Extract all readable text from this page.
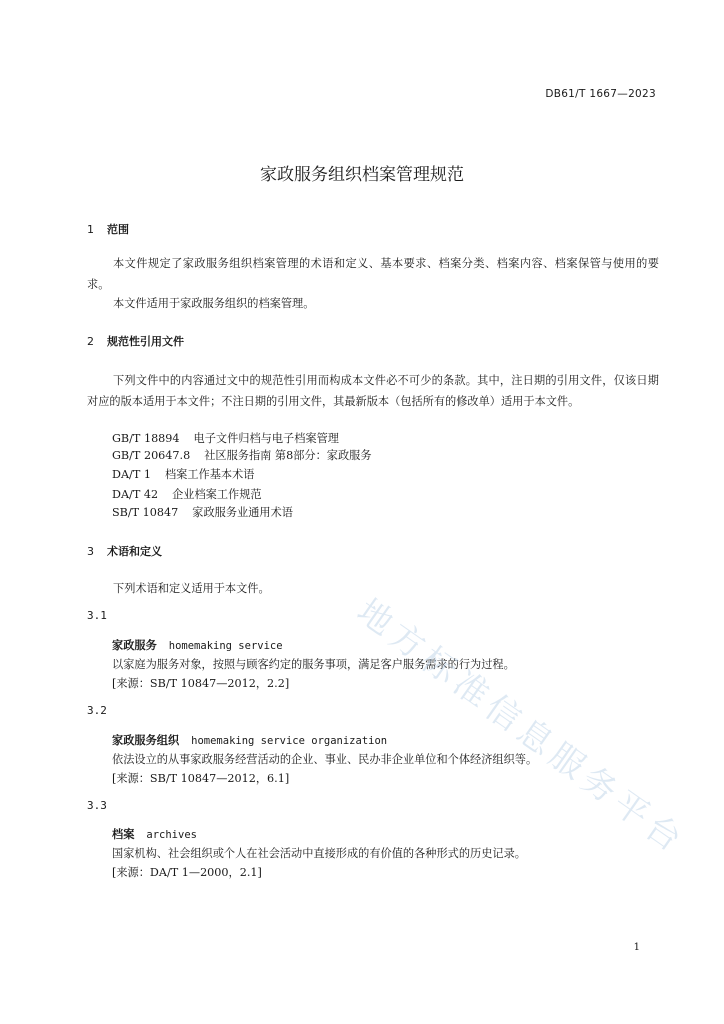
DB61/T 1667—2023
家政服务组织档案管理规范
1 范围

本文件规定了家政服务组织档案管理的术语和定义、基本要求、档案分类、档案内容、档案保管与使用的要求。

本文件适用于家政服务组织的档案管理。

2 规范性引用文件

下列文件中的内容通过文中的规范性引用而构成本文件必不可少的条款。其中，注日期的引用文件，仅该日期对应的版本适用于本文件；不注日期的引用文件，其最新版本（包括所有的修改单）适用于本文件。

GB/T 18894 电子文件归档与电子档案管理
GB/T 20647.8 社区服务指南 第8部分：家政服务
DA/T 1 档案工作基本术语
DA/T 42 企业档案工作规范
SB/T 10847 家政服务业通用术语
3 术语和定义

下列术语和定义适用于本文件。

3.1
家政服务 homemaking service
以家庭为服务对象，按照与顾客约定的服务事项，满足客户服务需求的行为过程。
[来源：SB/T 10847—2012，2.2]
3.2
家政服务组织 homemaking service organization
依法设立的从事家政服务经营活动的企业、事业、民办非企业单位和个体经济组织等。
[来源：SB/T 10847—2012，6.1]
3.3
档案 archives
国家机构、社会组织或个人在社会活动中直接形成的有价值的各种形式的历史记录。
[来源：DA/T 1—2000，2.1]
地
方
标
准
信
息
服
务
平
台
1
